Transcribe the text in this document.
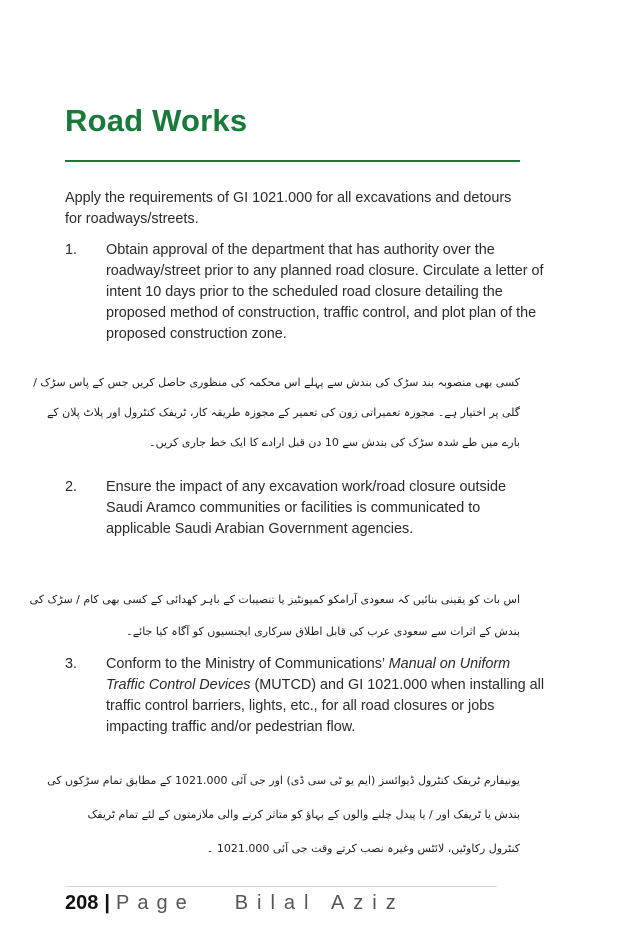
Road Works

Apply the requirements of GI 1021.000 for all excavations and detours for roadways/streets.

1. Obtain approval of the department that has authority over the roadway/street prior to any planned road closure. Circulate a letter of intent 10 days prior to the scheduled road closure detailing the proposed method of construction, traffic control, and plot plan of the proposed construction zone.
کسی بھی منصوبہ بند سڑک کی بندش سے پہلے اس محکمہ کی منظوری حاصل کریں جس کے پاس سڑک /
گلی پر اختیار ہے۔ مجوزہ تعمیراتی زون کی تعمیر کے مجوزہ طریقہ کار، ٹریفک کنٹرول اور پلاٹ پلان کے
بارے میں طے شدہ سڑک کی بندش سے 10 دن قبل ارادے کا ایک خط جاری کریں۔
2. Ensure the impact of any excavation work/road closure outside Saudi Aramco communities or facilities is communicated to applicable Saudi Arabian Government agencies.
اس بات کو یقینی بنائیں کہ سعودی آرامکو کمیونٹیز یا تنصیبات کے باہر کھدائی کے کسی بھی کام / سڑک کی
بندش کے اثرات سے سعودی عرب کی قابل اطلاق سرکاری ایجنسیوں کو آگاہ کیا جائے۔
3. Conform to the Ministry of Communications’ Manual on Uniform Traffic Control Devices (MUTCD) and GI 1021.000 when installing all traffic control barriers, lights, etc., for all road closures or jobs impacting traffic and/or pedestrian flow.
یونیفارم ٹریفک کنٹرول ڈیوائسز (ایم یو ٹی سی ڈی) اور جی آئی 1021.000 کے مطابق تمام سڑکوں کی
بندش یا ٹریفک اور / یا پیدل چلنے والوں کے بہاؤ کو متاثر کرنے والی ملازمتوں کے لئے تمام ٹریفک
کنٹرول رکاوٹیں، لائٹس وغیرہ نصب کرتے وقت جی آئی 1021.000 ۔
208 | Page Bilal Aziz
